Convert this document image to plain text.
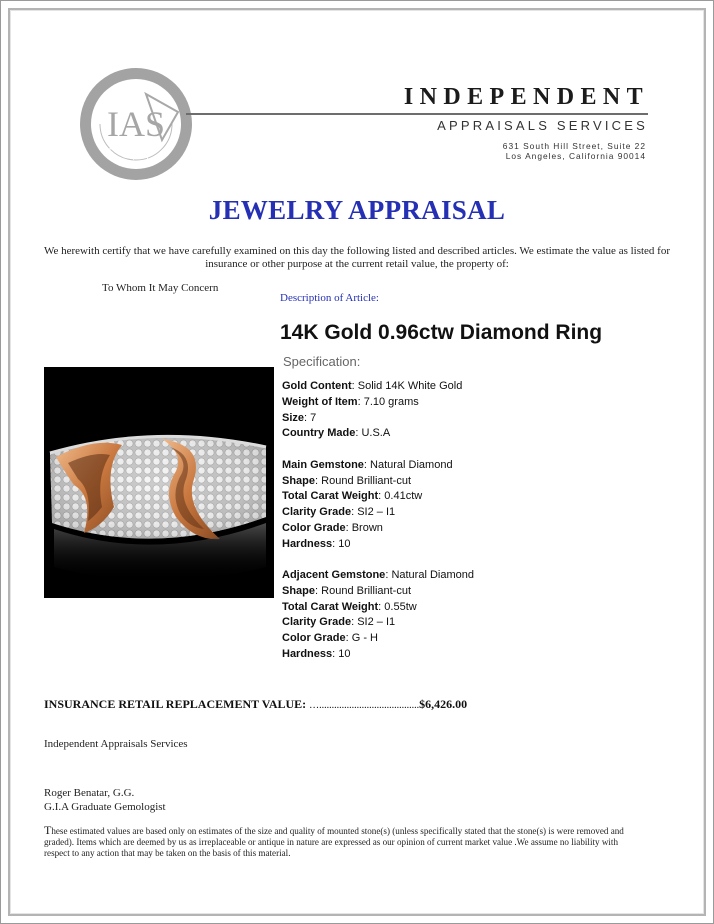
IAS
Appraisal
INDEPENDENT
APPRAISALS SERVICES
631 South Hill Street, Suite 22
Los Angeles, California 90014
JEWELRY APPRAISAL
We herewith certify that we have carefully examined on this day the following listed and described articles. We estimate the value as listed for insurance or other purpose at the current retail value, the property of:
To Whom It May Concern
Description of Article:
14K Gold 0.96ctw Diamond Ring
Specification:
Gold Content: Solid 14K White Gold
Weight of Item: 7.10 grams
Size: 7
Country Made: U.S.A
Main Gemstone: Natural Diamond
Shape: Round Brilliant-cut
Total Carat Weight: 0.41ctw
Clarity Grade: SI2 – I1
Color Grade: Brown
Hardness: 10
Adjacent Gemstone: Natural Diamond
Shape: Round Brilliant-cut
Total Carat Weight: 0.55tw
Clarity Grade: SI2 – I1
Color Grade: G - H
Hardness: 10
INSURANCE RETAIL REPLACEMENT VALUE: …........................................$6,426.00
Independent Appraisals Services
Roger Benatar, G.G.
G.I.A Graduate Gemologist
These estimated values are based only on estimates of the size and quality of mounted stone(s) (unless specifically stated that the stone(s) is were removed and graded). Items which are deemed by us as irreplaceable or antique in nature are expressed as our opinion of current market value .We assume no liability with respect to any action that may be taken on the basis of this material.
